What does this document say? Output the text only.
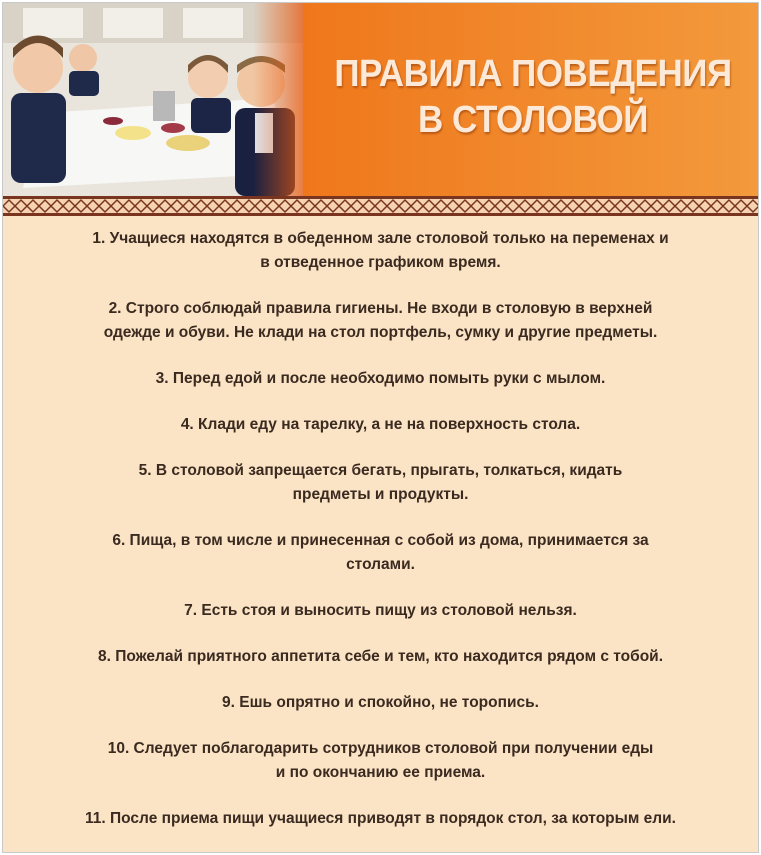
ПРАВИЛА ПОВЕДЕНИЯ
В СТОЛОВОЙ
1. Учащиеся находятся в обеденном зале столовой только на переменах и
в отведенное графиком время.
2. Строго соблюдай правила гигиены. Не входи в столовую в верхней
одежде и обуви. Не клади на стол портфель, сумку и другие предметы.
3. Перед едой и после необходимо помыть руки с мылом.
4. Клади еду на тарелку, а не на поверхность стола.
5. В столовой запрещается бегать, прыгать, толкаться, кидать
предметы и продукты.
6. Пища, в том числе и принесенная с собой из дома, принимается за
столами.
7. Есть стоя и выносить пищу из столовой нельзя.
8. Пожелай приятного аппетита себе и тем, кто находится рядом с тобой.
9. Ешь опрятно и спокойно, не торопись.
10. Следует поблагодарить сотрудников столовой при получении еды
и по окончанию ее приема.
11. После приема пищи учащиеся приводят в порядок стол, за которым ели.
